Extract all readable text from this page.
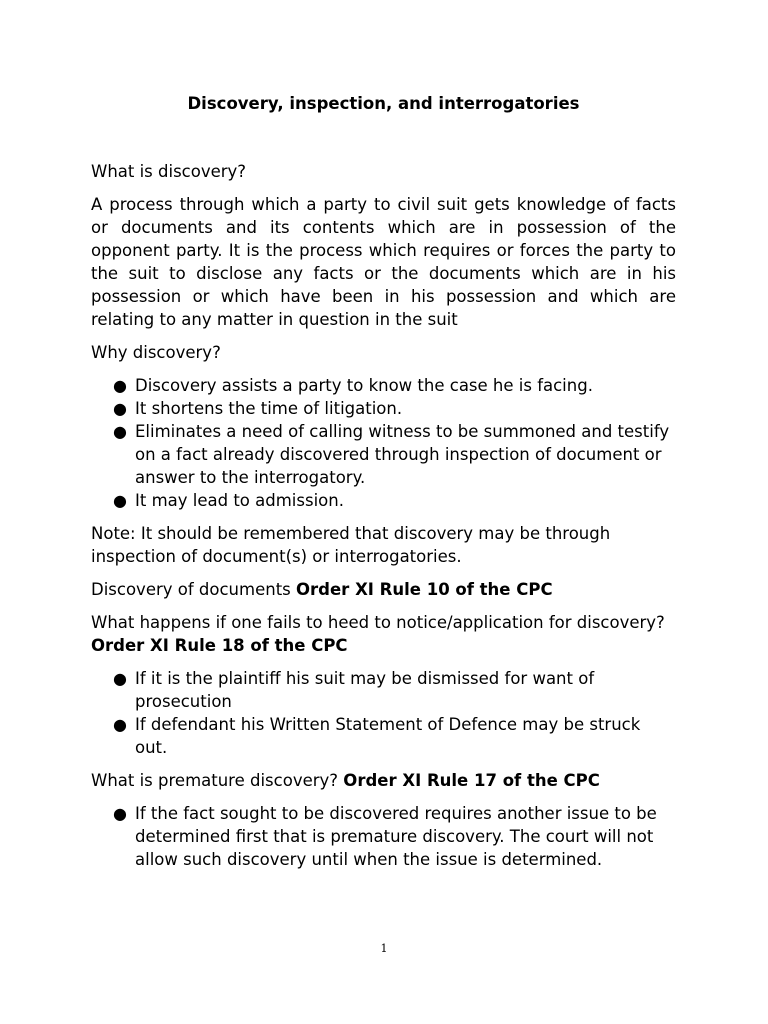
Discovery, inspection, and interrogatories

What is discovery?

A process through which a party to civil suit gets knowledge of facts or documents and its contents which are in possession of the opponent party. It is the process which requires or forces the party to the suit to disclose any facts or the documents which are in his possession or which have been in his possession and which are relating to any matter in question in the suit

Why discovery?

● Discovery assists a party to know the case he is facing.
● It shortens the time of litigation.
● Eliminates a need of calling witness to be summoned and testify on a fact already discovered through inspection of document or answer to the interrogatory.
● It may lead to admission.

Note: It should be remembered that discovery may be through inspection of document(s) or interrogatories.

Discovery of documents Order XI Rule 10 of the CPC

What happens if one fails to heed to notice/application for discovery? Order XI Rule 18 of the CPC

● If it is the plaintiff his suit may be dismissed for want of prosecution
● If defendant his Written Statement of Defence may be struck out.

What is premature discovery? Order XI Rule 17 of the CPC

● If the fact sought to be discovered requires another issue to be determined first that is premature discovery. The court will not allow such discovery until when the issue is determined.
1
